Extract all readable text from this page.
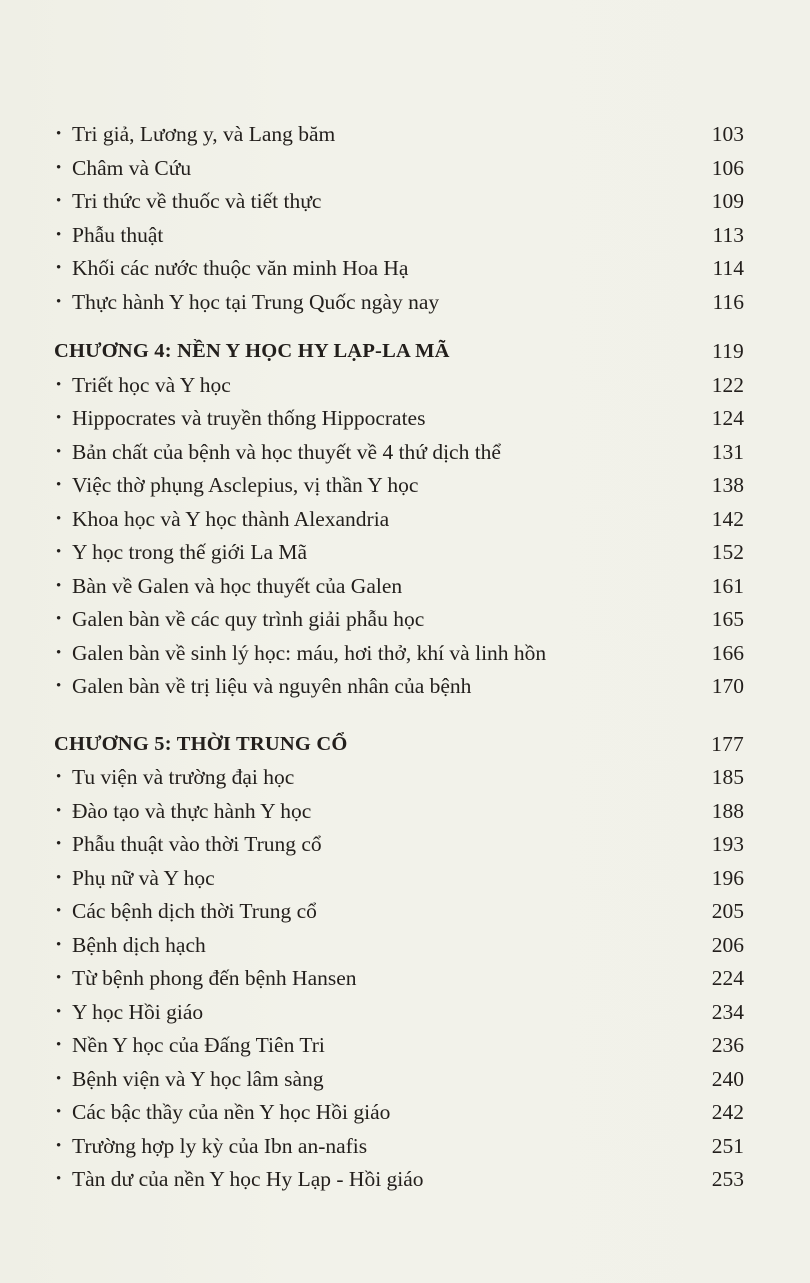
• Tri giả, Lương y, và Lang băm	103
• Châm và Cứu	106
• Tri thức về thuốc và tiết thực	109
• Phẫu thuật	113
• Khối các nước thuộc văn minh Hoa Hạ	114
• Thực hành Y học tại Trung Quốc ngày nay	116
CHƯƠNG 4: NỀN Y HỌC HY LẠP-LA MÃ	119
• Triết học và Y học	122
• Hippocrates và truyền thống Hippocrates	124
• Bản chất của bệnh và học thuyết về 4 thứ dịch thể	131
• Việc thờ phụng Asclepius, vị thần Y học	138
• Khoa học và Y học thành Alexandria	142
• Y học trong thế giới La Mã	152
• Bàn về Galen và học thuyết của Galen	161
• Galen bàn về các quy trình giải phẫu học	165
• Galen bàn về sinh lý học: máu, hơi thở, khí và linh hồn	166
• Galen bàn về trị liệu và nguyên nhân của bệnh	170
CHƯƠNG 5: THỜI TRUNG CỔ	177
• Tu viện và trường đại học	185
• Đào tạo và thực hành Y học	188
• Phẫu thuật vào thời Trung cổ	193
• Phụ nữ và Y học	196
• Các bệnh dịch thời Trung cổ	205
• Bệnh dịch hạch	206
• Từ bệnh phong đến bệnh Hansen	224
• Y học Hồi giáo	234
• Nền Y học của Đấng Tiên Tri	236
• Bệnh viện và Y học lâm sàng	240
• Các bậc thầy của nền Y học Hồi giáo	242
• Trường hợp ly kỳ của Ibn an-nafis	251
• Tàn dư của nền Y học Hy Lạp - Hồi giáo	253
